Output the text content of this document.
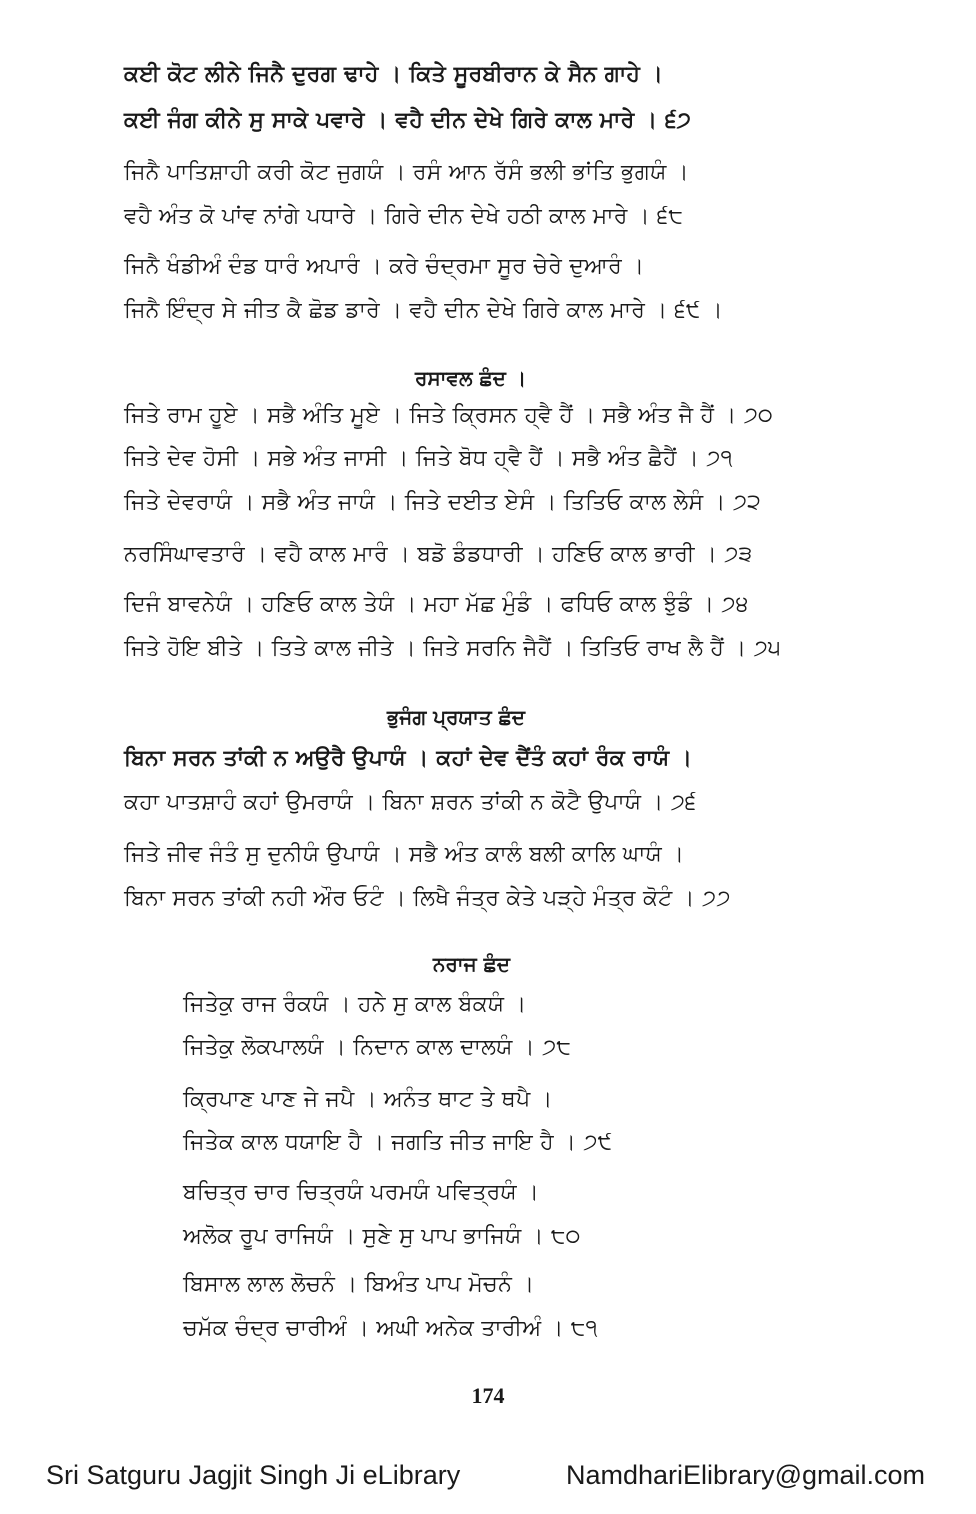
ਕਈ ਕੋਟ ਲੀਨੇ ਜਿਨੈ ਦੁਰਗ ਢਾਹੇ । ਕਿਤੇ ਸੂਰਬੀਰਾਨ ਕੇ ਸੈਨ ਗਾਹੇ ।
ਕਈ ਜੰਗ ਕੀਨੇ ਸੁ ਸਾਕੇ ਪਵਾਰੇ । ਵਹੈ ਦੀਨ ਦੇਖੇ ਗਿਰੇ ਕਾਲ ਮਾਰੇ । ੬੭
ਜਿਨੈ ਪਾਤਿਸ਼ਾਹੀ ਕਰੀ ਕੋਟ ਜੁਗਯੰ । ਰਸੰ ਆਨ ਰੱਸੰ ਭਲੀ ਭਾਂਤਿ ਭੁਗਯੰ ।
ਵਹੈ ਅੰਤ ਕੋ ਪਾਂਵ ਨਾਂਗੇ ਪਧਾਰੇ । ਗਿਰੇ ਦੀਨ ਦੇਖੇ ਹਠੀ ਕਾਲ ਮਾਰੇ । ੬੮
ਜਿਨੈ ਖੰਡੀਅੰ ਦੰਡ ਧਾਰੰ ਅਪਾਰੰ । ਕਰੇ ਚੰਦ੍ਰਮਾ ਸੂਰ ਚੇਰੇ ਦੁਆਰੰ ।
ਜਿਨੈ ਇੰਦ੍ਰ ਸੇ ਜੀਤ ਕੈ ਛੋਡ ਡਾਰੇ । ਵਹੈ ਦੀਨ ਦੇਖੇ ਗਿਰੇ ਕਾਲ ਮਾਰੇ । ੬੯ ।
ਰਸਾਵਲ ਛੰਦ ।
ਜਿਤੇ ਰਾਮ ਹੂਏ । ਸਭੈ ਅੰਤਿ ਮੂਏ । ਜਿਤੇ ਕ੍ਰਿਸਨ ਹ੍ਵੈ ਹੈਂ । ਸਭੈ ਅੰਤ ਜੈ ਹੈਂ । ੭੦
ਜਿਤੇ ਦੇਵ ਹੋਸੀ । ਸਭੇ ਅੰਤ ਜਾਸੀ । ਜਿਤੇ ਬੋਧ ਹ੍ਵੈ ਹੈਂ । ਸਭੈ ਅੰਤ ਛੈਹੈਂ । ੭੧
ਜਿਤੇ ਦੇਵਰਾਯੰ । ਸਭੈ ਅੰਤ ਜਾਯੰ । ਜਿਤੇ ਦਈਤ ਏਸੰ । ਤਿਤਿਓ ਕਾਲ ਲੇਸੰ । ੭੨
ਨਰਸਿੰਘਾਵਤਾਰੰ । ਵਹੈ ਕਾਲ ਮਾਰੰ । ਬਡੋ ਡੰਡਧਾਰੀ । ਹਣਿਓ ਕਾਲ ਭਾਰੀ । ੭੩
ਦਿਜੰ ਬਾਵਨੇਯੰ । ਹਣਿਓ ਕਾਲ ਤੇਯੰ । ਮਹਾ ਮੱਛ ਮੁੰਡੰ । ਫਧਿਓ ਕਾਲ ਝੁੰਡੰ । ੭੪
ਜਿਤੇ ਹੋਇ ਬੀਤੇ । ਤਿਤੇ ਕਾਲ ਜੀਤੇ । ਜਿਤੇ ਸਰਨਿ ਜੈਹੈਂ । ਤਿਤਿਓ ਰਾਖ ਲੈ ਹੈਂ । ੭੫
ਭੁਜੰਗ ਪ੍ਰਯਾਤ ਛੰਦ
ਬਿਨਾ ਸਰਨ ਤਾਂਕੀ ਨ ਅਉਰੈ ਉਪਾਯੰ । ਕਹਾਂ ਦੇਵ ਦੈਂਤੰ ਕਹਾਂ ਰੰਕ ਰਾਯੰ ।
ਕਹਾ ਪਾਤਸ਼ਾਹੰ ਕਹਾਂ ਉਮਰਾਯੰ । ਬਿਨਾ ਸ਼ਰਨ ਤਾਂਕੀ ਨ ਕੋਟੈ ਉਪਾਯੰ । ੭੬
ਜਿਤੇ ਜੀਵ ਜੰਤੰ ਸੁ ਦੁਨੀਯੰ ਉਪਾਯੰ । ਸਭੈ ਅੰਤ ਕਾਲੰ ਬਲੀ ਕਾਲਿ ਘਾਯੰ ।
ਬਿਨਾ ਸਰਨ ਤਾਂਕੀ ਨਹੀ ਔਰ ਓਟੰ । ਲਿਖੈ ਜੰਤ੍ਰ ਕੇਤੇ ਪੜ੍ਹੇ ਮੰਤ੍ਰ ਕੋਟੰ । ੭੭
ਨਰਾਜ ਛੰਦ
ਜਿਤੇਕੁ ਰਾਜ ਰੰਕਯੰ । ਹਨੇ ਸੁ ਕਾਲ ਬੰਕਯੰ ।
ਜਿਤੇਕੁ ਲੋਕਪਾਲਯੰ । ਨਿਦਾਨ ਕਾਲ ਦਾਲਯੰ । ੭੮
ਕ੍ਰਿਪਾਣ ਪਾਣ ਜੇ ਜਪੈ । ਅਨੰਤ ਥਾਟ ਤੇ ਥਪੈ ।
ਜਿਤੇਕ ਕਾਲ ਧਯਾਇ ਹੈ । ਜਗਤਿ ਜੀਤ ਜਾਇ ਹੈ । ੭੯
ਬਚਿਤ੍ਰ ਚਾਰ ਚਿਤ੍ਰਯੰ ਪਰਮਯੰ ਪਵਿਤ੍ਰਯੰ ।
ਅਲੋਕ ਰੂਪ ਰਾਜਿਯੰ । ਸੁਣੇ ਸੁ ਪਾਪ ਭਾਜਿਯੰ । ੮੦
ਬਿਸਾਲ ਲਾਲ ਲੋਚਨੰ । ਬਿਅੰਤ ਪਾਪ ਮੋਚਨੰ ।
ਚਮੱਕ ਚੰਦ੍ਰ ਚਾਰੀਅੰ । ਅਘੀ ਅਨੇਕ ਤਾਰੀਅੰ । ੮੧
174
Sri Satguru Jagjit Singh Ji eLibrary	NamdhariElibrary@gmail.com
